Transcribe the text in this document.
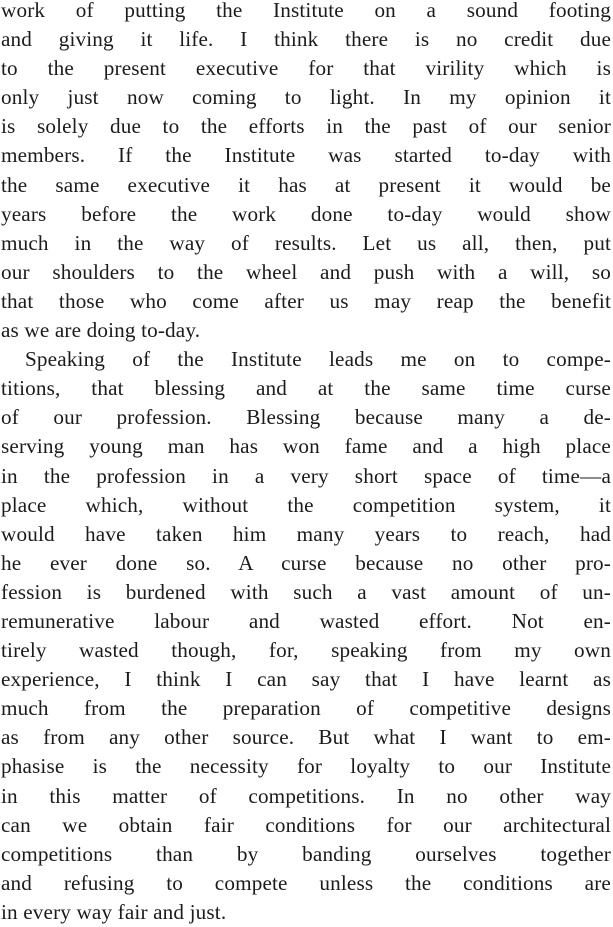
work of putting the Institute on a sound footing
and giving it life. I think there is no credit due
to the present executive for that virility which is
only just now coming to light. In my opinion it
is solely due to the efforts in the past of our senior
members. If the Institute was started to-day with
the same executive it has at present it would be
years before the work done to-day would show
much in the way of results. Let us all, then, put
our shoulders to the wheel and push with a will, so
that those who come after us may reap the benefit
as we are doing to-day.
Speaking of the Institute leads me on to compe-
titions, that blessing and at the same time curse
of our profession. Blessing because many a de-
serving young man has won fame and a high place
in the profession in a very short space of time—a
place which, without the competition system, it
would have taken him many years to reach, had
he ever done so. A curse because no other pro-
fession is burdened with such a vast amount of un-
remunerative labour and wasted effort. Not en-
tirely wasted though, for, speaking from my own
experience, I think I can say that I have learnt as
much from the preparation of competitive designs
as from any other source. But what I want to em-
phasise is the necessity for loyalty to our Institute
in this matter of competitions. In no other way
can we obtain fair conditions for our architectural
competitions than by banding ourselves together
and refusing to compete unless the conditions are
in every way fair and just.
